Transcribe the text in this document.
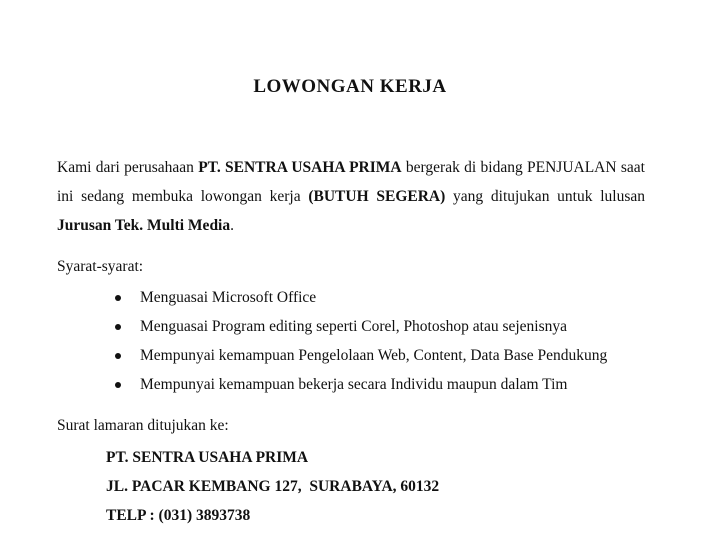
LOWONGAN KERJA

Kami dari perusahaan PT. SENTRA USAHA PRIMA bergerak di bidang PENJUALAN saat ini sedang membuka lowongan kerja (BUTUH SEGERA) yang ditujukan untuk lulusan Jurusan Tek. Multi Media.

Syarat-syarat:
Menguasai Microsoft Office
Menguasai Program editing seperti Corel, Photoshop atau sejenisnya
Mempunyai kemampuan Pengelolaan Web, Content, Data Base Pendukung
Mempunyai kemampuan bekerja secara Individu maupun dalam Tim
Surat lamaran ditujukan ke:
PT. SENTRA USAHA PRIMA
JL. PACAR KEMBANG 127,  SURABAYA, 60132
TELP : (031) 3893738
